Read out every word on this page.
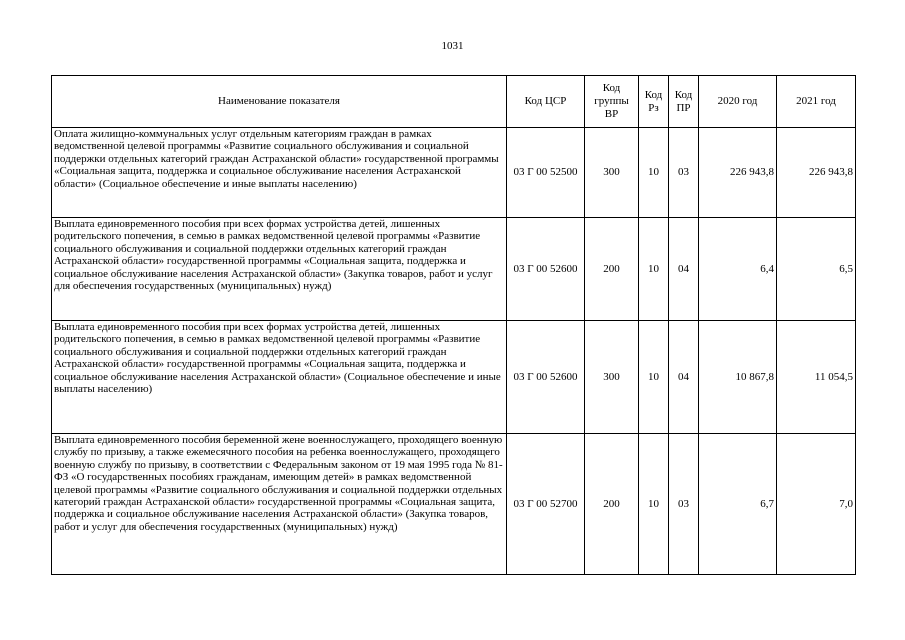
1031
Наименование показателя	Код ЦСР	Код группы ВР	Код Рз	Код ПР	2020 год	2021 год
Оплата жилищно-коммунальных услуг отдельным категориям граждан в рамках ведомственной целевой программы «Развитие социального обслуживания и социальной поддержки отдельных категорий граждан Астраханской области» государственной программы «Социальная защита, поддержка и социальное обслуживание населения Астраханской области» (Социальное обеспечение и иные выплаты населению)	03 Г 00 52500	300	10	03	226 943,8	226 943,8
Выплата единовременного пособия при всех формах устройства детей, лишенных родительского попечения, в семью в рамках ведомственной целевой программы «Развитие социального обслуживания и социальной поддержки отдельных категорий граждан Астраханской области» государственной программы «Социальная защита, поддержка и социальное обслуживание населения Астраханской области» (Закупка товаров, работ и услуг для обеспечения государственных (муниципальных) нужд)	03 Г 00 52600	200	10	04	6,4	6,5
Выплата единовременного пособия при всех формах устройства детей, лишенных родительского попечения, в семью в рамках ведомственной целевой программы «Развитие социального обслуживания и социальной поддержки отдельных категорий граждан Астраханской области» государственной программы «Социальная защита, поддержка и социальное обслуживание населения Астраханской области» (Социальное обеспечение и иные выплаты населению)	03 Г 00 52600	300	10	04	10 867,8	11 054,5
Выплата единовременного пособия беременной жене военнослужащего, проходящего военную службу по призыву, а также ежемесячного пособия на ребенка военнослужащего, проходящего военную службу по призыву, в соответствии с Федеральным законом от 19 мая 1995 года № 81-ФЗ «О государственных пособиях гражданам, имеющим детей» в рамках ведомственной целевой программы «Развитие социального обслуживания и социальной поддержки отдельных категорий граждан Астраханской области» государственной программы «Социальная защита, поддержка и социальное обслуживание населения Астраханской области» (Закупка товаров, работ и услуг для обеспечения государственных (муниципальных) нужд)	03 Г 00 52700	200	10	03	6,7	7,0
